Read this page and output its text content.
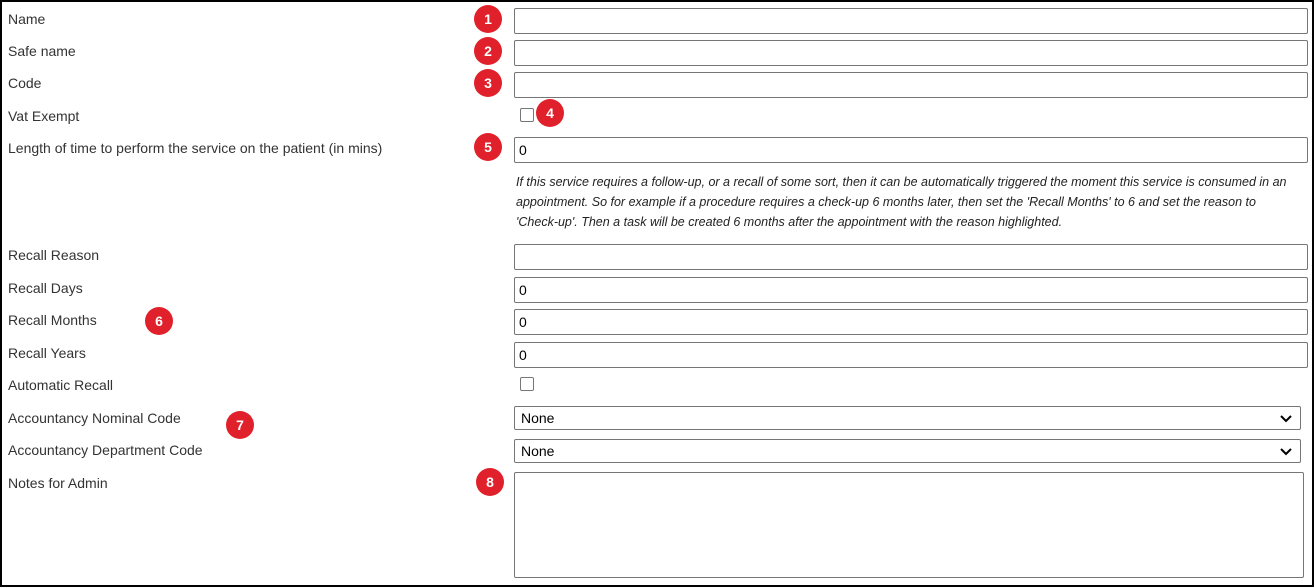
Name	1
Safe name	2
Code	3
Vat Exempt	4
Length of time to perform the service on the patient (in mins)	0
5
If this service requires a follow-up, or a recall of some sort, then it can be automatically triggered the moment this service is consumed in an appointment. So for example if a procedure requires a check-up 6 months later, then set the 'Recall Months' to 6 and set the reason to 'Check-up'. Then a task will be created 6 months after the appointment with the reason highlighted.
Recall Reason
Recall Days	0
Recall Months	0
6
Recall Years	0
Automatic Recall
Accountancy Nominal Code	None
7
Accountancy Department Code	None
Notes for Admin	8
